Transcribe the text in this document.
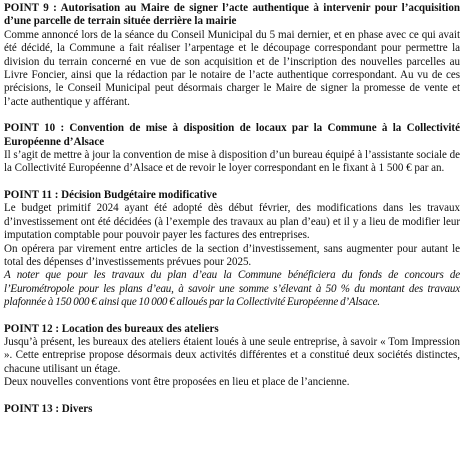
POINT 9 : Autorisation au Maire de signer l’acte authentique à intervenir pour l’acquisition d’une parcelle de terrain située derrière la mairie

Comme annoncé lors de la séance du Conseil Municipal du 5 mai dernier, et en phase avec ce qui avait été décidé, la Commune a fait réaliser l’arpentage et le découpage correspondant pour permettre la division du terrain concerné en vue de son acquisition et de l’inscription des nouvelles parcelles au Livre Foncier, ainsi que la rédaction par le notaire de l’acte authentique correspondant. Au vu de ces précisions, le Conseil Municipal peut désormais charger le Maire de signer la promesse de vente et l’acte authentique y afférant.

POINT 10 : Convention de mise à disposition de locaux par la Commune à la Collectivité Européenne d’Alsace

Il s’agit de mettre à jour la convention de mise à disposition d’un bureau équipé à l’assistante sociale de la Collectivité Européenne d’Alsace et de revoir le loyer correspondant en le fixant à 1 500 € par an.

POINT 11 : Décision Budgétaire modificative

Le budget primitif 2024 ayant été adopté dès début février, des modifications dans les travaux d’investissement ont été décidées (à l’exemple des travaux au plan d’eau) et il y a lieu de modifier leur imputation comptable pour pouvoir payer les factures des entreprises.

On opérera par virement entre articles de la section d’investissement, sans augmenter pour autant le total des dépenses d’investissements prévues pour 2025.

A noter que pour les travaux du plan d’eau la Commune bénéficiera du fonds de concours de l’Eurométropole pour les plans d’eau, à savoir une somme s’élevant à 50 % du montant des travaux plafonnée à 150 000 € ainsi que 10 000 € alloués par la Collectivité Européenne d’Alsace.

POINT 12 : Location des bureaux des ateliers

Jusqu’à présent, les bureaux des ateliers étaient loués à une seule entreprise, à savoir « Tom Impression ». Cette entreprise propose désormais deux activités différentes et a constitué deux sociétés distinctes, chacune utilisant un étage.

Deux nouvelles conventions vont être proposées en lieu et place de l’ancienne.

POINT 13 : Divers
